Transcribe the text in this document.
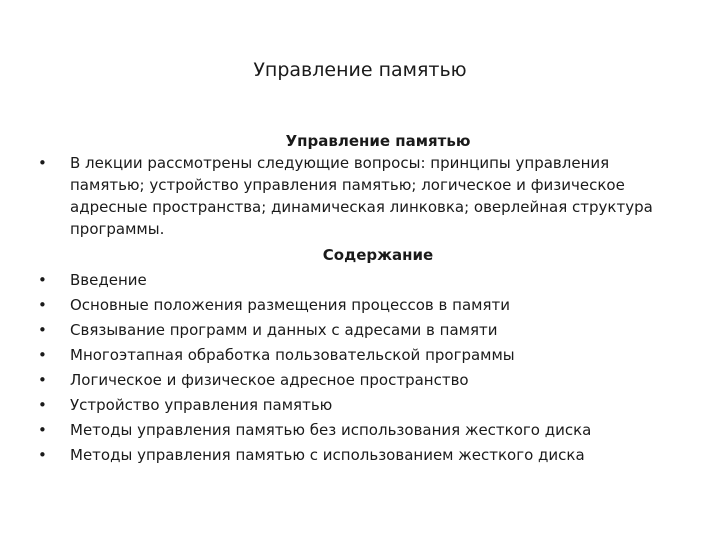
Управление памятью

Управление памятью

• В лекции рассмотрены следующие вопросы: принципы управления памятью; устройство управления памятью; логическое и физическое адресные пространства; динамическая линковка; оверлейная структура программы.

Содержание

• Введение
• Основные положения размещения процессов в памяти
• Связывание программ и данных с адресами в памяти
• Многоэтапная обработка пользовательской программы
• Логическое и физическое адресное пространство
• Устройство управления памятью
• Методы управления памятью без использования жесткого диска
• Методы управления памятью с использованием жесткого диска
